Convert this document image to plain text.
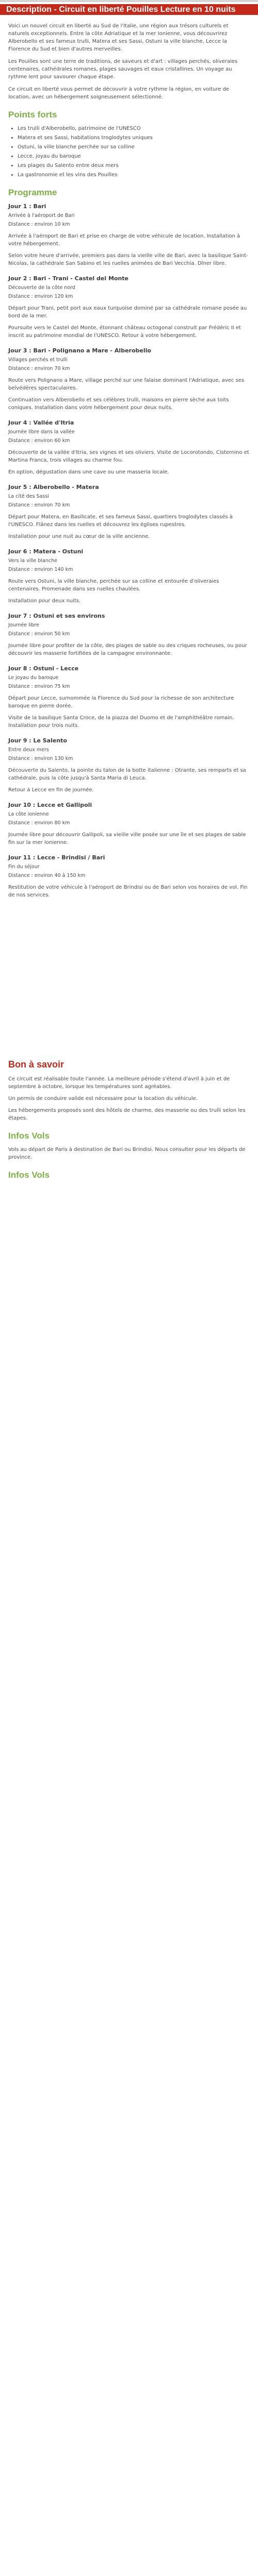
Description - Circuit en liberté Pouilles Lecture en 10 nuits

Voici un nouvel circuit en liberté au Sud de l'Italie, une région aux trésors culturels et naturels exceptionnels. Entre la côte Adriatique et la mer Ionienne, vous découvrirez Alberobello et ses fameux trulli, Matera et ses Sassi, Ostuni la ville blanche, Lecce la Florence du Sud et bien d'autres merveilles.

Les Pouilles sont une terre de traditions, de saveurs et d'art : villages perchés, oliveraies centenaires, cathédrales romanes, plages sauvages et eaux cristallines. Un voyage au rythme lent pour savourer chaque étape.

Ce circuit en liberté vous permet de découvrir à votre rythme la région, en voiture de location, avec un hébergement soigneusement sélectionné.

Points forts
• Les trulli d'Alberobello, patrimoine de l'UNESCO
• Matera et ses Sassi, habitations troglodytes uniques
• Ostuni, la ville blanche perchée sur sa colline
• Lecce, joyau du baroque
• Les plages du Salento entre deux mers
• La gastronomie et les vins des Pouilles
Programme
Jour 1 : Bari
Arrivée à l'aéroport de Bari
Distance : environ 10 km

Arrivée à l'aéroport de Bari et prise en charge de votre véhicule de location. Installation à votre hébergement.

Selon votre heure d'arrivée, premiers pas dans la vieille ville de Bari, avec la basilique Saint-Nicolas, la cathédrale San Sabino et les ruelles animées de Bari Vecchia. Dîner libre.

Jour 2 : Bari - Trani - Castel del Monte
Découverte de la côte nord
Distance : environ 120 km

Départ pour Trani, petit port aux eaux turquoise dominé par sa cathédrale romane posée au bord de la mer.

Poursuite vers le Castel del Monte, étonnant château octogonal construit par Frédéric II et inscrit au patrimoine mondial de l'UNESCO. Retour à votre hébergement.

Jour 3 : Bari - Polignano a Mare - Alberobello
Villages perchés et trulli
Distance : environ 70 km

Route vers Polignano a Mare, village perché sur une falaise dominant l'Adriatique, avec ses belvédères spectaculaires.

Continuation vers Alberobello et ses célèbres trulli, maisons en pierre sèche aux toits coniques. Installation dans votre hébergement pour deux nuits.

Jour 4 : Vallée d'Itria
Journée libre dans la vallée
Distance : environ 60 km

Découverte de la vallée d'Itria, ses vignes et ses oliviers. Visite de Locorotondo, Cisternino et Martina Franca, trois villages au charme fou.

En option, dégustation dans une cave ou une masseria locale.

Jour 5 : Alberobello - Matera
La cité des Sassi
Distance : environ 70 km

Départ pour Matera, en Basilicate, et ses fameux Sassi, quartiers troglodytes classés à l'UNESCO. Flânez dans les ruelles et découvrez les églises rupestres.

Installation pour une nuit au cœur de la ville ancienne.

Jour 6 : Matera - Ostuni
Vers la ville blanche
Distance : environ 140 km

Route vers Ostuni, la ville blanche, perchée sur sa colline et entourée d'oliveraies centenaires. Promenade dans ses ruelles chaulées.

Installation pour deux nuits.

Jour 7 : Ostuni et ses environs
Journée libre
Distance : environ 50 km

Journée libre pour profiter de la côte, des plages de sable ou des criques rocheuses, ou pour découvrir les masserie fortifiées de la campagne environnante.

Jour 8 : Ostuni - Lecce
Le joyau du baroque
Distance : environ 75 km

Départ pour Lecce, surnommée la Florence du Sud pour la richesse de son architecture baroque en pierre dorée.

Visite de la basilique Santa Croce, de la piazza del Duomo et de l'amphithéâtre romain. Installation pour trois nuits.

Jour 9 : Le Salento
Entre deux mers
Distance : environ 130 km

Découverte du Salento, la pointe du talon de la botte italienne : Otrante, ses remparts et sa cathédrale, puis la côte jusqu'à Santa Maria di Leuca.

Retour à Lecce en fin de journée.

Jour 10 : Lecce et Gallipoli
La côte ionienne
Distance : environ 80 km

Journée libre pour découvrir Gallipoli, sa vieille ville posée sur une île et ses plages de sable fin sur la mer Ionienne.

Jour 11 : Lecce - Brindisi / Bari
Fin du séjour
Distance : environ 40 à 150 km

Restitution de votre véhicule à l'aéroport de Brindisi ou de Bari selon vos horaires de vol. Fin de nos services.

Bon à savoir

Ce circuit est réalisable toute l'année. La meilleure période s'étend d'avril à juin et de septembre à octobre, lorsque les températures sont agréables.

Un permis de conduire valide est nécessaire pour la location du véhicule.

Les hébergements proposés sont des hôtels de charme, des masserie ou des trulli selon les étapes.

Infos Vols

Vols au départ de Paris à destination de Bari ou Brindisi. Nous consulter pour les départs de province.

Infos Vols
